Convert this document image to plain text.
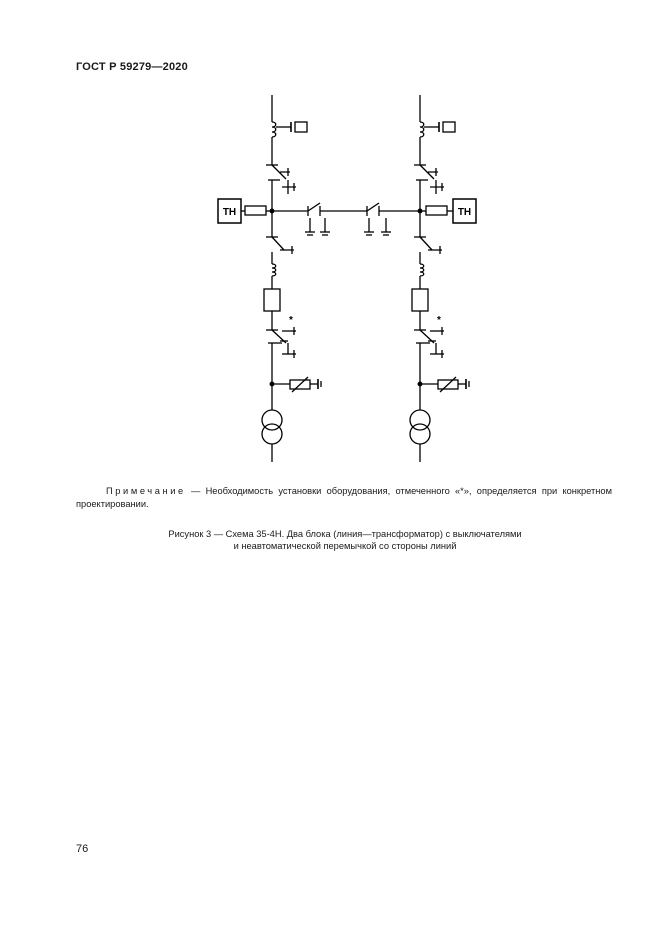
ГОСТ Р 59279—2020
ТН	ТН
*	*
Примечание — Необходимость установки оборудования, отмеченного «*», определяется при конкретном проектировании.
Рисунок 3 — Схема 35-4Н. Два блока (линия—трансформатор) с выключателями
и неавтоматической перемычкой со стороны линий
76
